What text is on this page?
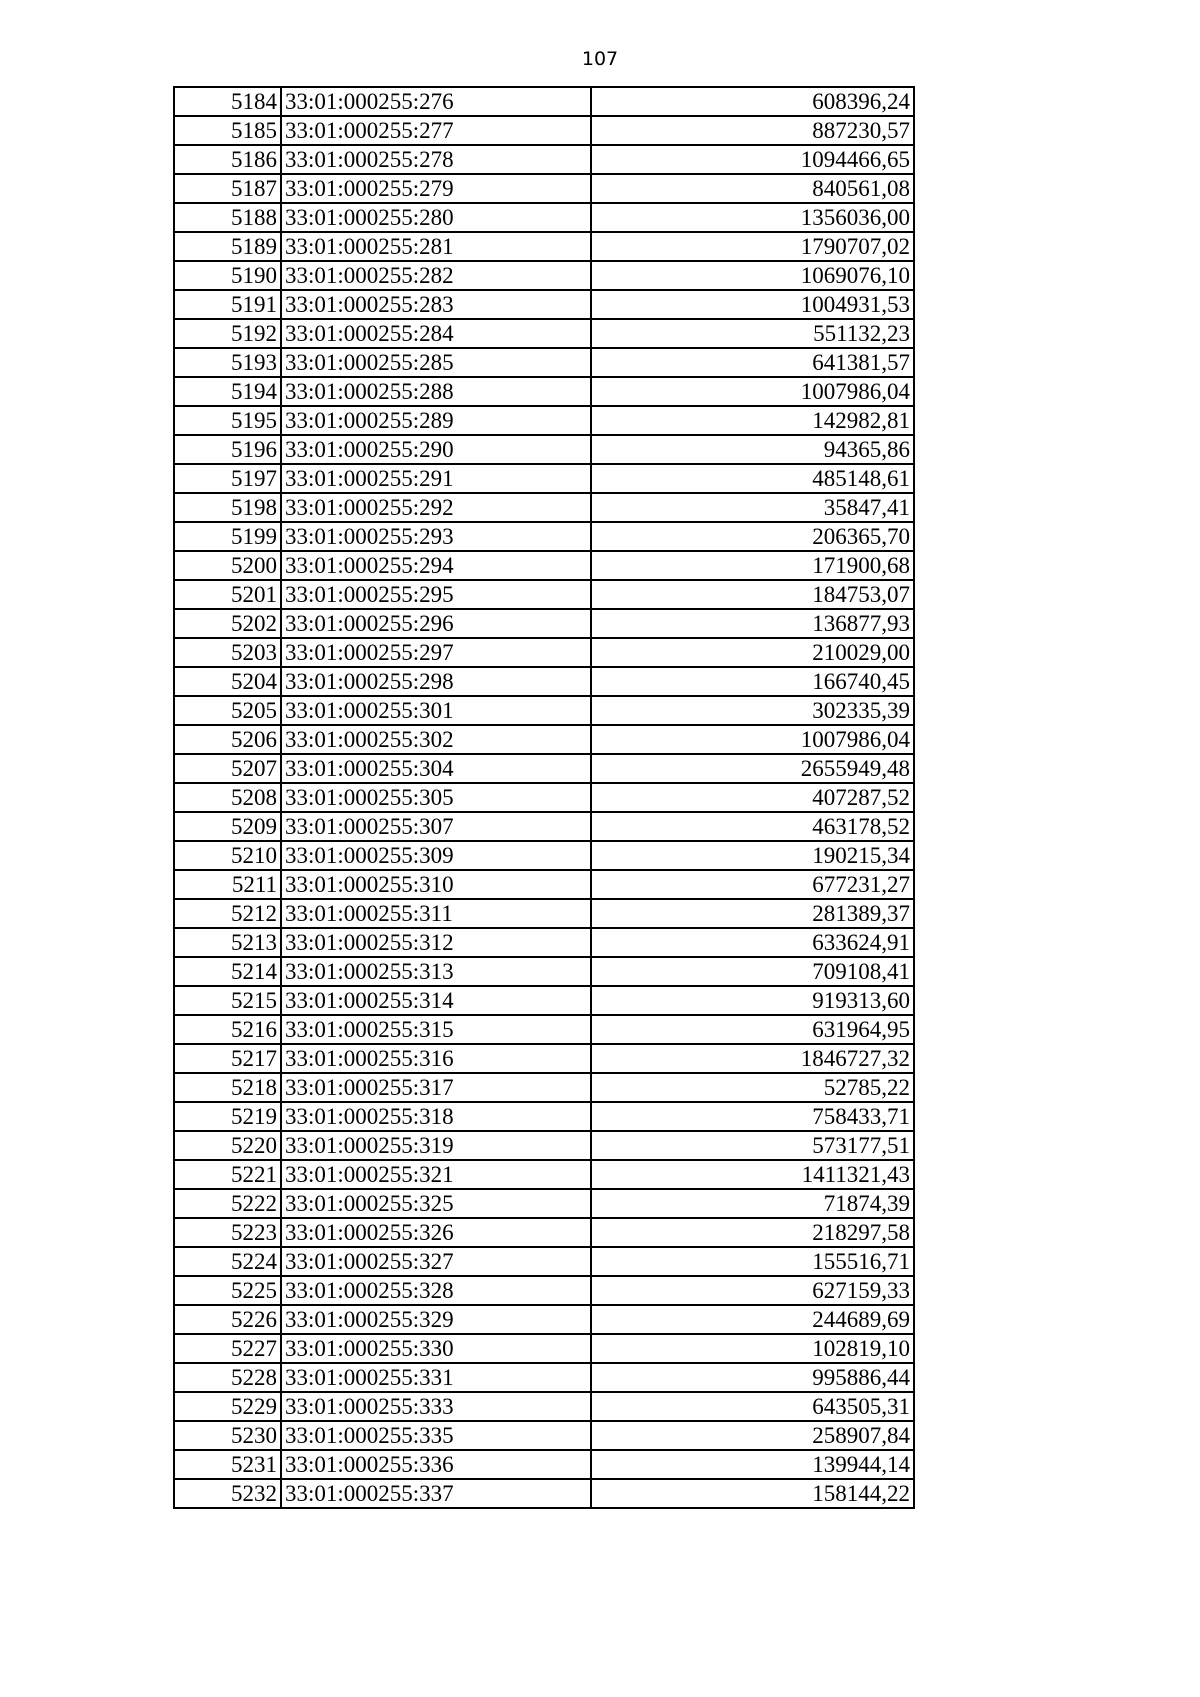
107
5184	33:01:000255:276	608396,24
5185	33:01:000255:277	887230,57
5186	33:01:000255:278	1094466,65
5187	33:01:000255:279	840561,08
5188	33:01:000255:280	1356036,00
5189	33:01:000255:281	1790707,02
5190	33:01:000255:282	1069076,10
5191	33:01:000255:283	1004931,53
5192	33:01:000255:284	551132,23
5193	33:01:000255:285	641381,57
5194	33:01:000255:288	1007986,04
5195	33:01:000255:289	142982,81
5196	33:01:000255:290	94365,86
5197	33:01:000255:291	485148,61
5198	33:01:000255:292	35847,41
5199	33:01:000255:293	206365,70
5200	33:01:000255:294	171900,68
5201	33:01:000255:295	184753,07
5202	33:01:000255:296	136877,93
5203	33:01:000255:297	210029,00
5204	33:01:000255:298	166740,45
5205	33:01:000255:301	302335,39
5206	33:01:000255:302	1007986,04
5207	33:01:000255:304	2655949,48
5208	33:01:000255:305	407287,52
5209	33:01:000255:307	463178,52
5210	33:01:000255:309	190215,34
5211	33:01:000255:310	677231,27
5212	33:01:000255:311	281389,37
5213	33:01:000255:312	633624,91
5214	33:01:000255:313	709108,41
5215	33:01:000255:314	919313,60
5216	33:01:000255:315	631964,95
5217	33:01:000255:316	1846727,32
5218	33:01:000255:317	52785,22
5219	33:01:000255:318	758433,71
5220	33:01:000255:319	573177,51
5221	33:01:000255:321	1411321,43
5222	33:01:000255:325	71874,39
5223	33:01:000255:326	218297,58
5224	33:01:000255:327	155516,71
5225	33:01:000255:328	627159,33
5226	33:01:000255:329	244689,69
5227	33:01:000255:330	102819,10
5228	33:01:000255:331	995886,44
5229	33:01:000255:333	643505,31
5230	33:01:000255:335	258907,84
5231	33:01:000255:336	139944,14
5232	33:01:000255:337	158144,22
